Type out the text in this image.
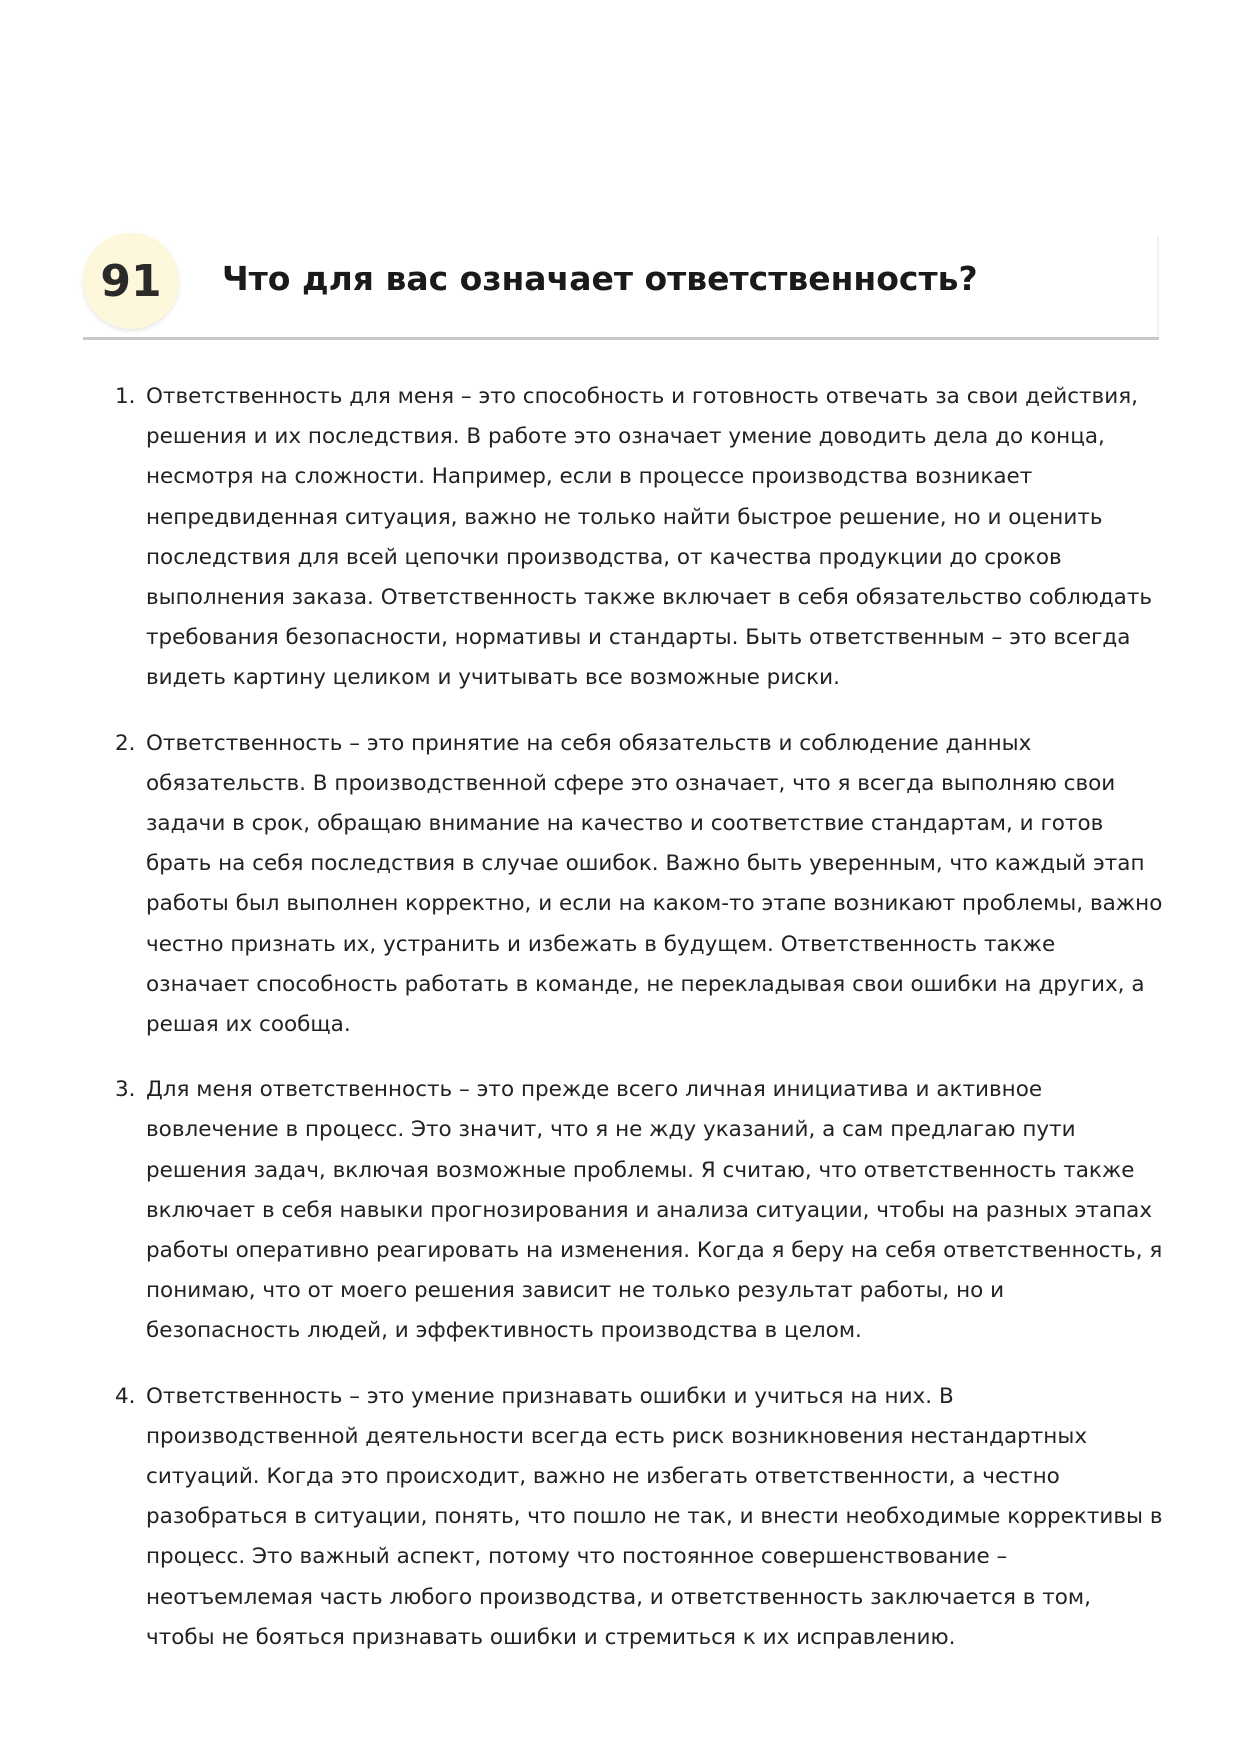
91	Что для вас означает ответственность?
1. Ответственность для меня – это способность и готовность отвечать за свои действия, решения и их последствия. В работе это означает умение доводить дела до конца, несмотря на сложности. Например, если в процессе производства возникает непредвиденная ситуация, важно не только найти быстрое решение, но и оценить последствия для всей цепочки производства, от качества продукции до сроков выполнения заказа. Ответственность также включает в себя обязательство соблюдать требования безопасности, нормативы и стандарты. Быть ответственным – это всегда видеть картину целиком и учитывать все возможные риски.

2. Ответственность – это принятие на себя обязательств и соблюдение данных обязательств. В производственной сфере это означает, что я всегда выполняю свои задачи в срок, обращаю внимание на качество и соответствие стандартам, и готов брать на себя последствия в случае ошибок. Важно быть уверенным, что каждый этап работы был выполнен корректно, и если на каком-то этапе возникают проблемы, важно честно признать их, устранить и избежать в будущем. Ответственность также означает способность работать в команде, не перекладывая свои ошибки на других, а решая их сообща.

3. Для меня ответственность – это прежде всего личная инициатива и активное вовлечение в процесс. Это значит, что я не жду указаний, а сам предлагаю пути решения задач, включая возможные проблемы. Я считаю, что ответственность также включает в себя навыки прогнозирования и анализа ситуации, чтобы на разных этапах работы оперативно реагировать на изменения. Когда я беру на себя ответственность, я понимаю, что от моего решения зависит не только результат работы, но и безопасность людей, и эффективность производства в целом.

4. Ответственность – это умение признавать ошибки и учиться на них. В производственной деятельности всегда есть риск возникновения нестандартных ситуаций. Когда это происходит, важно не избегать ответственности, а честно разобраться в ситуации, понять, что пошло не так, и внести необходимые коррективы в процесс. Это важный аспект, потому что постоянное совершенствование – неотъемлемая часть любого производства, и ответственность заключается в том, чтобы не бояться признавать ошибки и стремиться к их исправлению.
